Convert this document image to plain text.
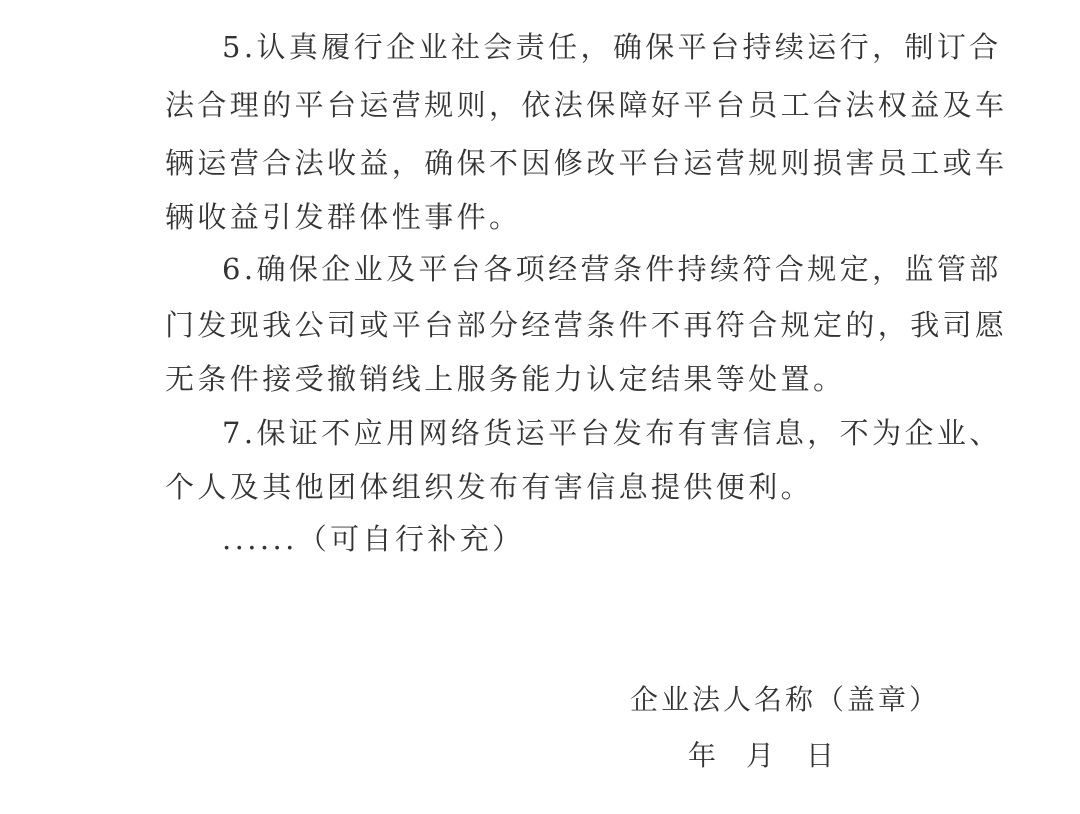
5.认真履行企业社会责任，确保平台持续运行，制订合
法合理的平台运营规则，依法保障好平台员工合法权益及车
辆运营合法收益，确保不因修改平台运营规则损害员工或车
辆收益引发群体性事件。
6.确保企业及平台各项经营条件持续符合规定，监管部
门发现我公司或平台部分经营条件不再符合规定的，我司愿
无条件接受撤销线上服务能力认定结果等处置。
7.保证不应用网络货运平台发布有害信息，不为企业、
个人及其他团体组织发布有害信息提供便利。
......（可自行补充）
企业法人名称（盖章）
年 月 日
